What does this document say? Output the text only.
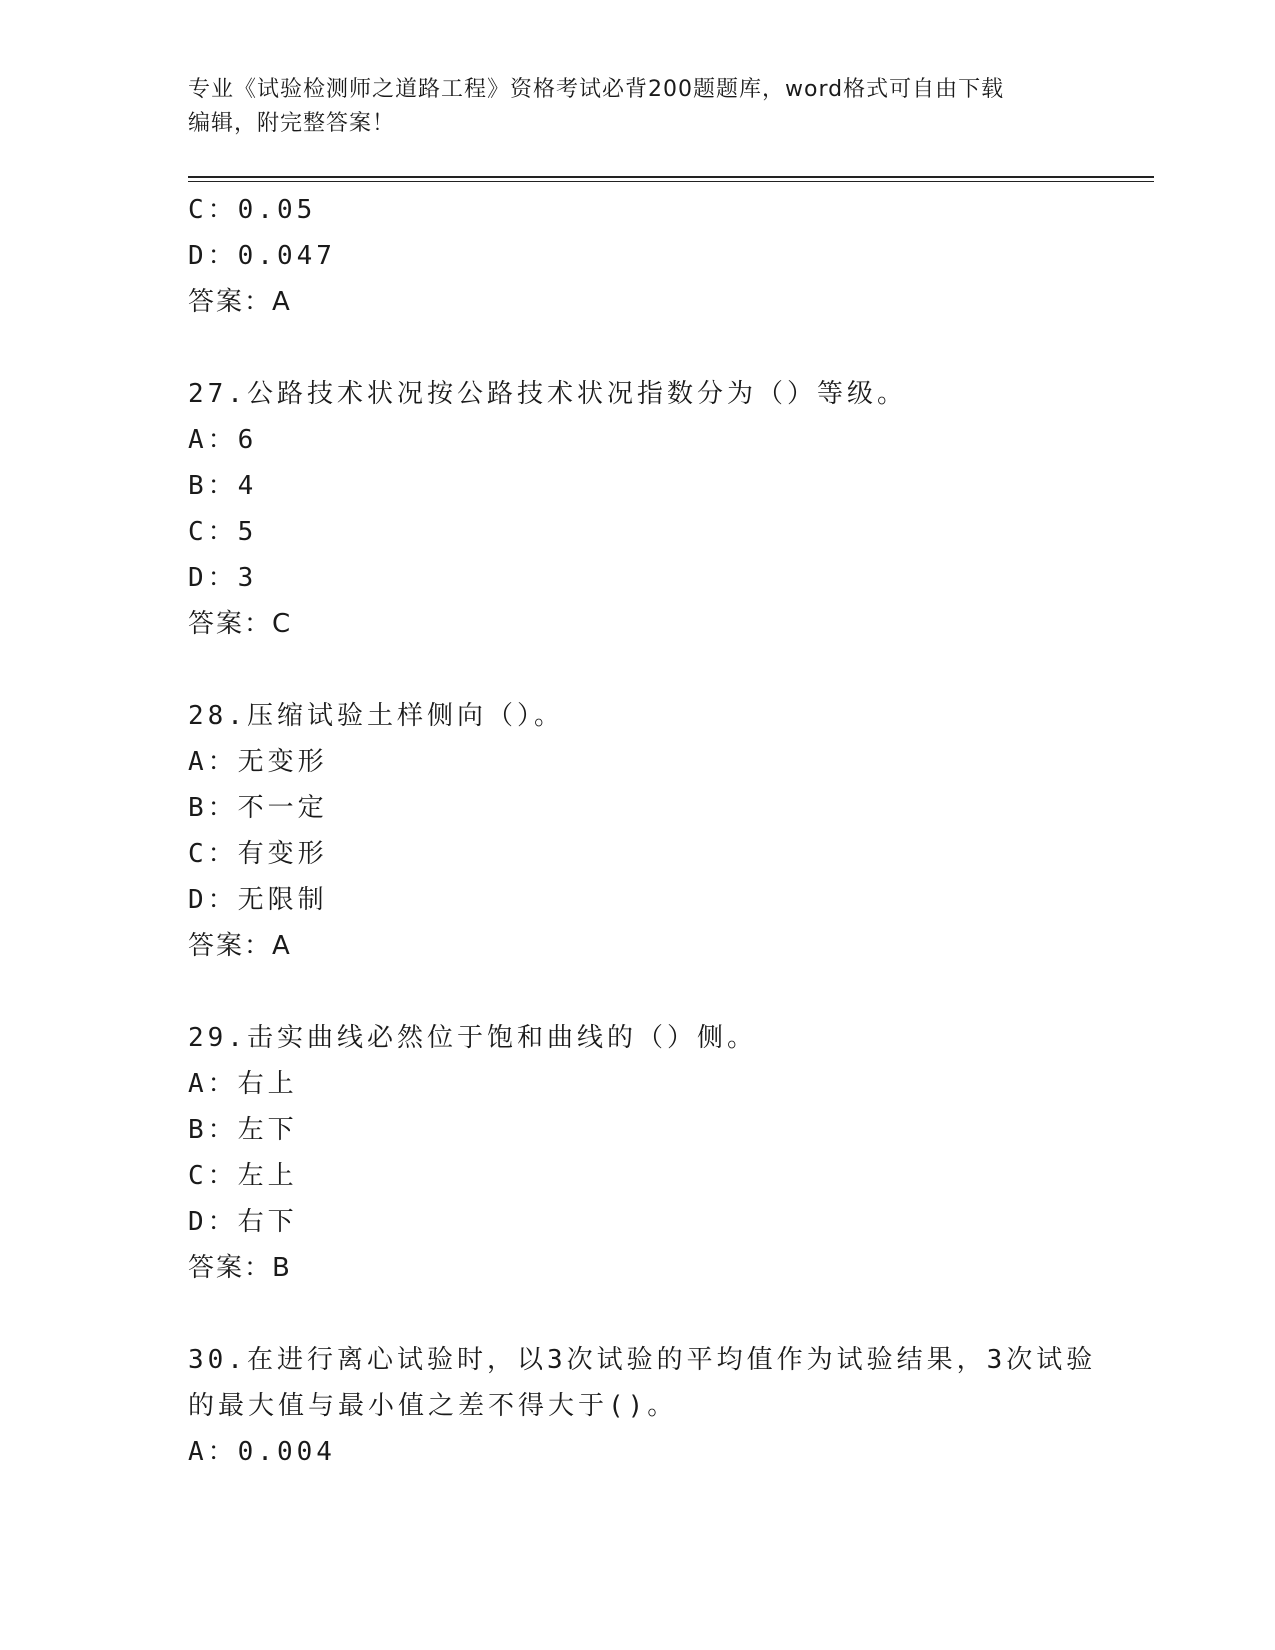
专业《试验检测师之道路工程》资格考试必背200题题库，word格式可自由下载
编辑，附完整答案！
C：0.05
D：0.047
答案：A
27.公路技术状况按公路技术状况指数分为（）等级。
A：6
B：4
C：5
D：3
答案：C
28.压缩试验土样侧向（）。
A：无变形
B：不一定
C：有变形
D：无限制
答案：A
29.击实曲线必然位于饱和曲线的（）侧。
A：右上
B：左下
C：左上
D：右下
答案：B
30.在进行离心试验时，以3次试验的平均值作为试验结果，3次试验
的最大值与最小值之差不得大于()。
A：0.004
